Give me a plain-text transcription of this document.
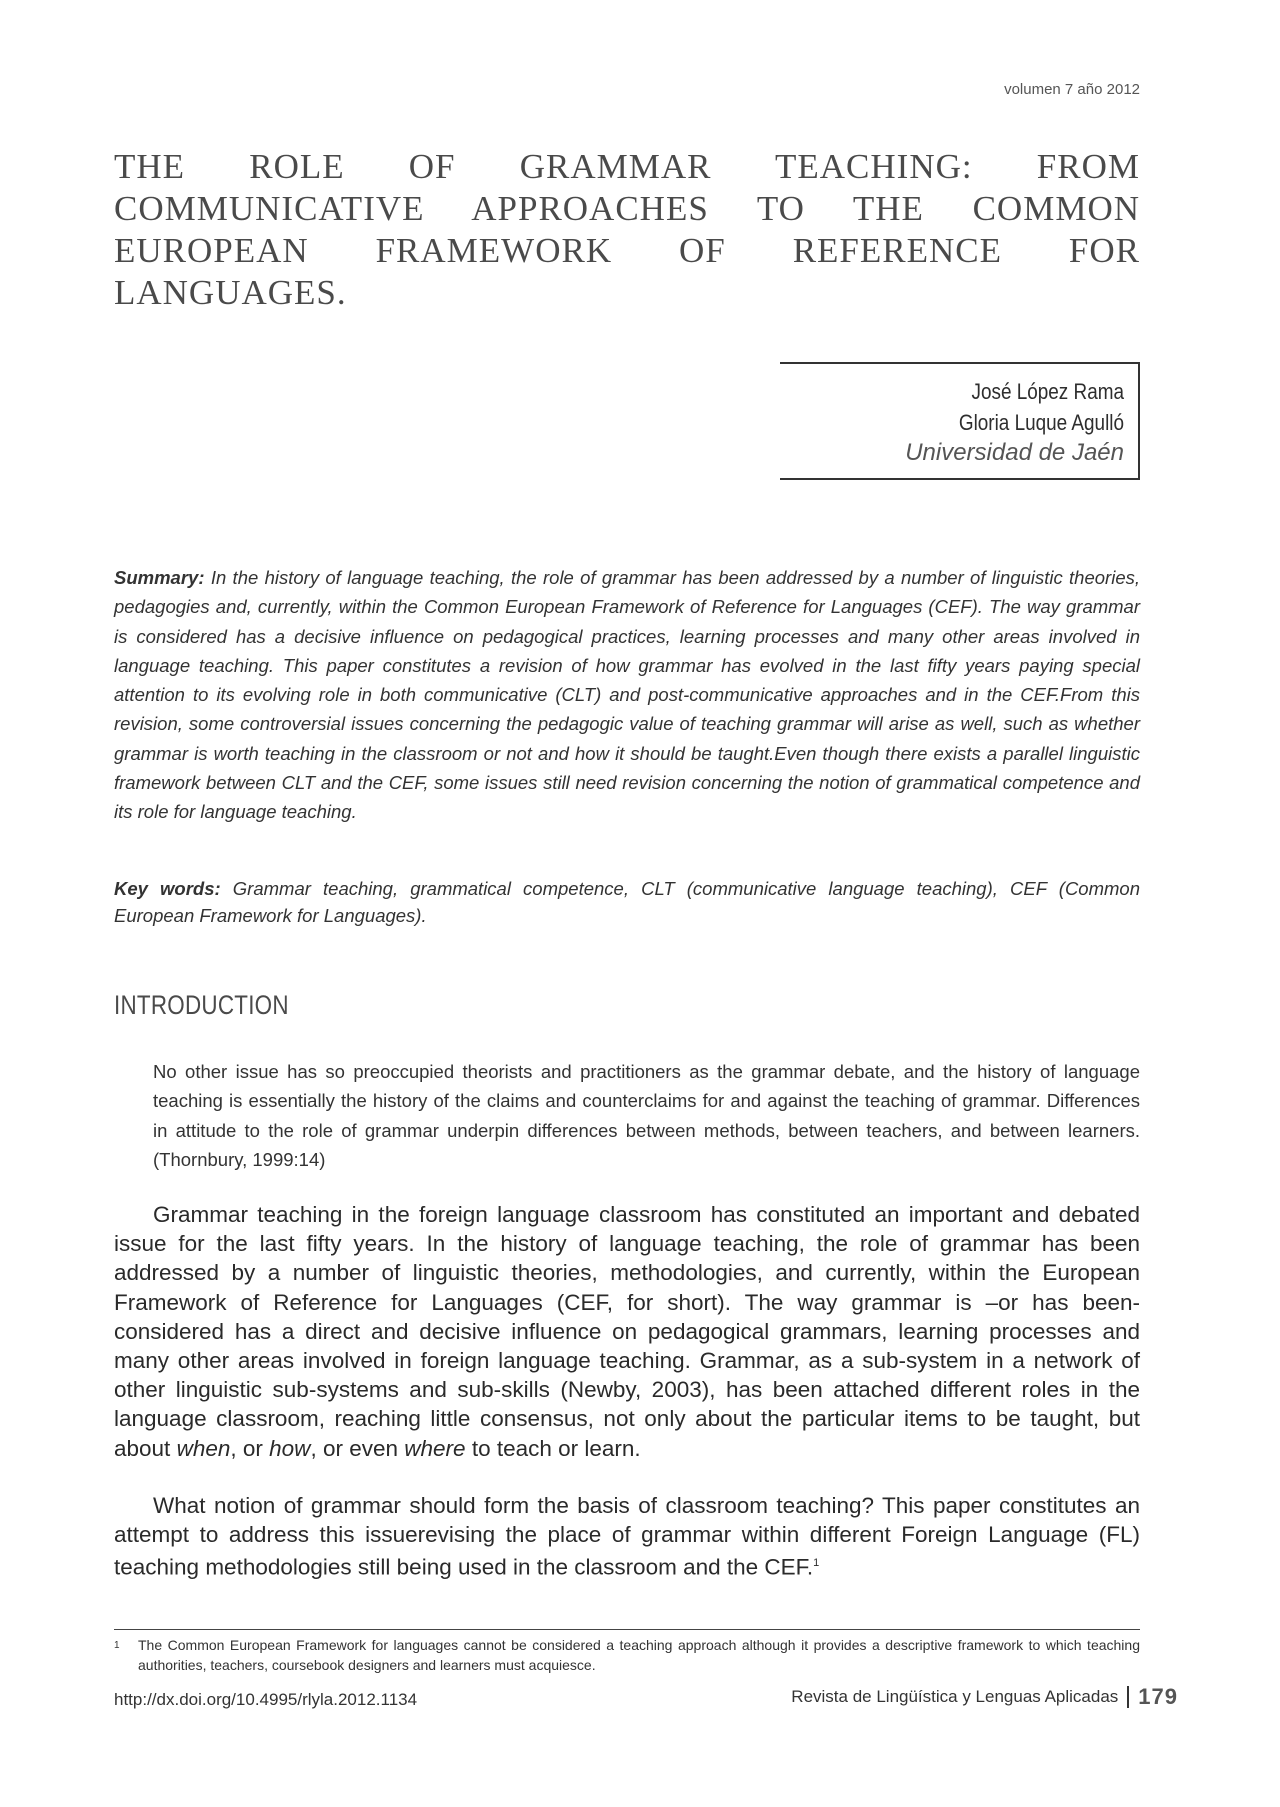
volumen 7 año 2012
THE ROLE OF GRAMMAR TEACHING: FROM COMMUNICATIVE APPROACHES TO THE COMMON EUROPEAN FRAMEWORK OF REFERENCE FOR LANGUAGES.
José López Rama
Gloria Luque Agulló
Universidad de Jaén
Summary: In the history of language teaching, the role of grammar has been addressed by a number of linguistic theories, pedagogies and, currently, within the Common European Framework of Reference for Languages (CEF). The way grammar is considered has a decisive influence on pedagogical practices, learning processes and many other areas involved in language teaching. This paper constitutes a revision of how grammar has evolved in the last fifty years paying special attention to its evolving role in both communicative (CLT) and post-communicative approaches and in the CEF.From this revision, some controversial issues concerning the pedagogic value of teaching grammar will arise as well, such as whether grammar is worth teaching in the classroom or not and how it should be taught.Even though there exists a parallel linguistic framework between CLT and the CEF, some issues still need revision concerning the notion of grammatical competence and its role for language teaching.
Key words: Grammar teaching, grammatical competence, CLT (communicative language teaching), CEF (Common European Framework for Languages).
INTRODUCTION
No other issue has so preoccupied theorists and practitioners as the grammar debate, and the history of language teaching is essentially the history of the claims and counterclaims for and against the teaching of grammar. Differences in attitude to the role of grammar underpin differences between methods, between teachers, and between learners. (Thornbury, 1999:14)
Grammar teaching in the foreign language classroom has constituted an important and debated issue for the last fifty years. In the history of language teaching, the role of grammar has been addressed by a number of linguistic theories, methodologies, and currently, within the European Framework of Reference for Languages (CEF, for short). The way grammar is –or has been- considered has a direct and decisive influence on pedagogical grammars, learning processes and many other areas involved in foreign language teaching. Grammar, as a sub-system in a network of other linguistic sub-systems and sub-skills (Newby, 2003), has been attached different roles in the language classroom, reaching little consensus, not only about the particular items to be taught, but about when, or how, or even where to teach or learn.
What notion of grammar should form the basis of classroom teaching? This paper constitutes an attempt to address this issuerevising the place of grammar within different Foreign Language (FL) teaching methodologies still being used in the classroom and the CEF.$^1$
1	The Common European Framework for languages cannot be considered a teaching approach although it provides a descriptive framework to which teaching authorities, teachers, coursebook designers and learners must acquiesce.
http://dx.doi.org/10.4995/rlyla.2012.1134	Revista de Lingüística y Lenguas Aplicadas 179
